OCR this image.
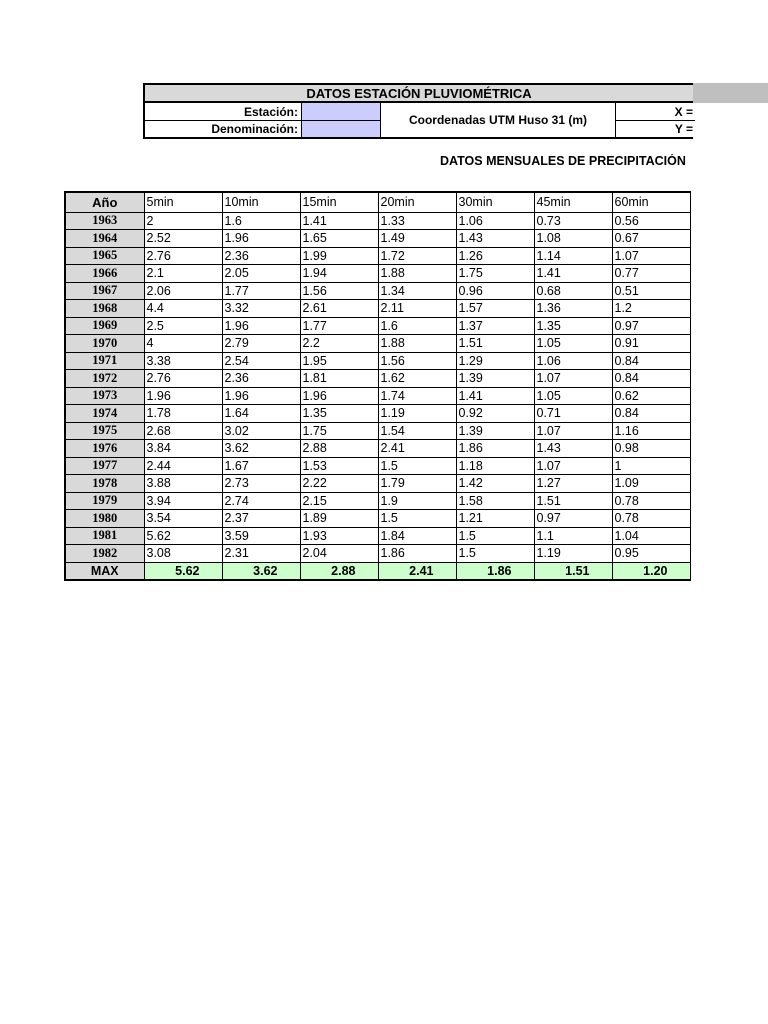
DATOS ESTACIÓN PLUVIOMÉTRICA
Estación:
Denominación:
Coordenadas UTM Huso 31 (m)
X =
Y =
DATOS MENSUALES DE PRECIPITACIÓN
Año	5min	10min	15min	20min	30min	45min	60min
1963	2	1.6	1.41	1.33	1.06	0.73	0.56
1964	2.52	1.96	1.65	1.49	1.43	1.08	0.67
1965	2.76	2.36	1.99	1.72	1.26	1.14	1.07
1966	2.1	2.05	1.94	1.88	1.75	1.41	0.77
1967	2.06	1.77	1.56	1.34	0.96	0.68	0.51
1968	4.4	3.32	2.61	2.11	1.57	1.36	1.2
1969	2.5	1.96	1.77	1.6	1.37	1.35	0.97
1970	4	2.79	2.2	1.88	1.51	1.05	0.91
1971	3.38	2.54	1.95	1.56	1.29	1.06	0.84
1972	2.76	2.36	1.81	1.62	1.39	1.07	0.84
1973	1.96	1.96	1.96	1.74	1.41	1.05	0.62
1974	1.78	1.64	1.35	1.19	0.92	0.71	0.84
1975	2.68	3.02	1.75	1.54	1.39	1.07	1.16
1976	3.84	3.62	2.88	2.41	1.86	1.43	0.98
1977	2.44	1.67	1.53	1.5	1.18	1.07	1
1978	3.88	2.73	2.22	1.79	1.42	1.27	1.09
1979	3.94	2.74	2.15	1.9	1.58	1.51	0.78
1980	3.54	2.37	1.89	1.5	1.21	0.97	0.78
1981	5.62	3.59	1.93	1.84	1.5	1.1	1.04
1982	3.08	2.31	2.04	1.86	1.5	1.19	0.95
MAX	5.62	3.62	2.88	2.41	1.86	1.51	1.20
